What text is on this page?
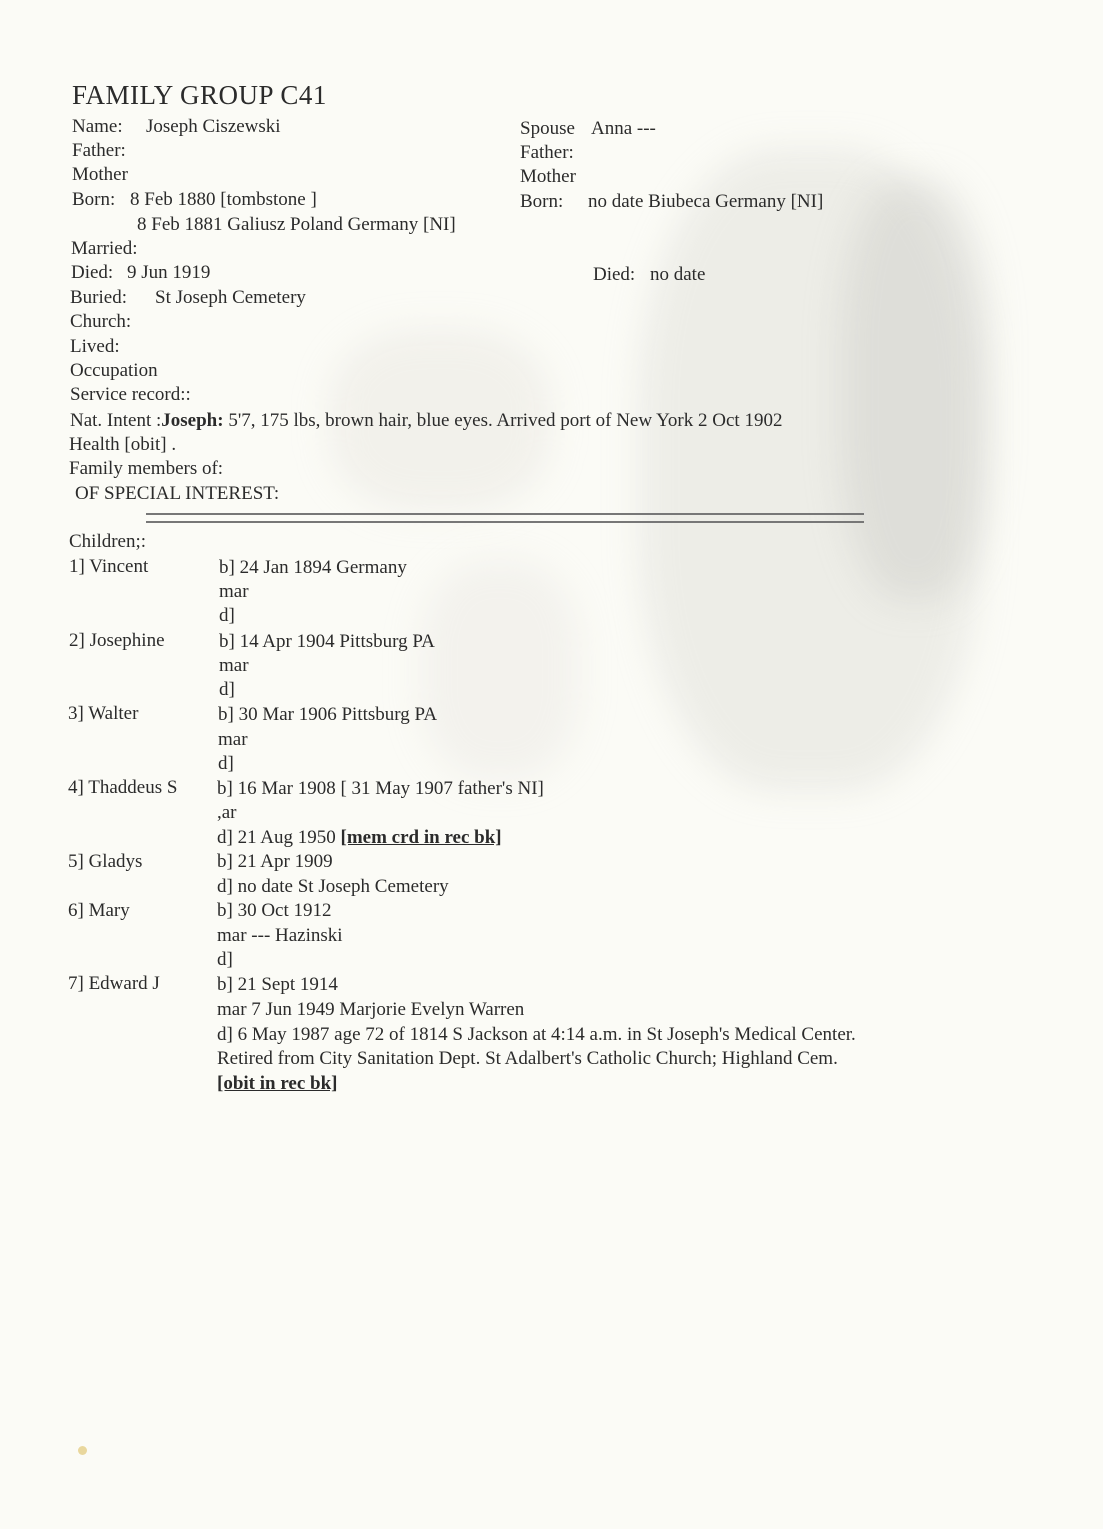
FAMILY GROUP C41
Name: Joseph Ciszewski
Father:
Mother
Born: 8 Feb 1880 [tombstone ]
8 Feb 1881 Galiusz Poland Germany [NI]
Married:
Died: 9 Jun 1919
Buried: St Joseph Cemetery
Church:
Lived:
Occupation
Service record::
Nat. Intent :Joseph: 5'7, 175 lbs, brown hair, blue eyes. Arrived port of New York 2 Oct 1902
Health [obit] .
Family members of:
OF SPECIAL INTEREST:
Spouse Anna ---
Father:
Mother
Born: no date Biubeca Germany [NI]
Died: no date
Children;:
1] Vincent	b] 24 Jan 1894 Germany
mar
d]
2] Josephine	b] 14 Apr 1904 Pittsburg PA
mar
d]
3] Walter	b] 30 Mar 1906 Pittsburg PA
mar
d]
4] Thaddeus S b] 16 Mar 1908 [ 31 May 1907 father's NI]
,ar
d] 21 Aug 1950 [mem crd in rec bk]
5] Gladys	b] 21 Apr 1909
d] no date St Joseph Cemetery
6] Mary	b] 30 Oct 1912
mar --- Hazinski
d]
7] Edward J	b] 21 Sept 1914
mar 7 Jun 1949 Marjorie Evelyn Warren
d] 6 May 1987 age 72 of 1814 S Jackson at 4:14 a.m. in St Joseph's Medical Center.
Retired from City Sanitation Dept. St Adalbert's Catholic Church; Highland Cem.
[obit in rec bk]
